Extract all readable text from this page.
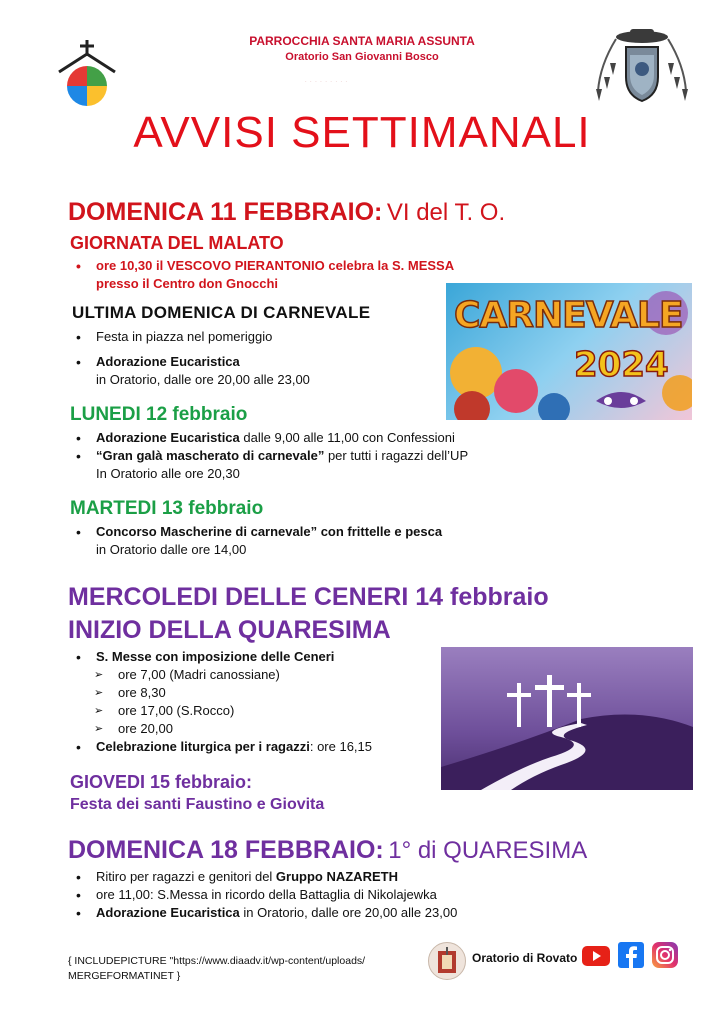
PARROCCHIA SANTA MARIA ASSUNTA
Oratorio San Giovanni Bosco
· · · · · · · · ·
AVVISI SETTIMANALI
DOMENICA 11 FEBBRAIO: VI del T. O.
GIORNATA DEL MALATO
• ore 10,30 il VESCOVO PIERANTONIO celebra la S. MESSA
presso il Centro don Gnocchi
ULTIMA DOMENICA DI CARNEVALE
• Festa in piazza nel pomeriggio
• Adorazione Eucaristica
in Oratorio, dalle ore 20,00 alle 23,00
CARNEVALE
2024
LUNEDI 12 febbraio
• Adorazione Eucaristica dalle 9,00 alle 11,00 con Confessioni
• “Gran galà mascherato di carnevale” per tutti i ragazzi dell’UP
In Oratorio alle ore 20,30
MARTEDI 13 febbraio
• Concorso Mascherine di carnevale” con frittelle e pesca
in Oratorio dalle ore 14,00
MERCOLEDI DELLE CENERI 14 febbraio
INIZIO DELLA QUARESIMA
• S. Messe con imposizione delle Ceneri
➢ ore 7,00 (Madri canossiane)
➢ ore 8,30
➢ ore 17,00 (S.Rocco)
➢ ore 20,00
• Celebrazione liturgica per i ragazzi: ore 16,15
GIOVEDI 15 febbraio:
Festa dei santi Faustino e Giovita
DOMENICA 18 FEBBRAIO: 1° di QUARESIMA
• Ritiro per ragazzi e genitori del Gruppo NAZARETH
• ore 11,00: S.Messa in ricordo della Battaglia di Nikolajewka
• Adorazione Eucaristica in Oratorio, dalle ore 20,00 alle 23,00
{ INCLUDEPICTURE "https://www.diaadv.it/wp-content/uploads/
MERGEFORMATINET }
Oratorio di Rovato
